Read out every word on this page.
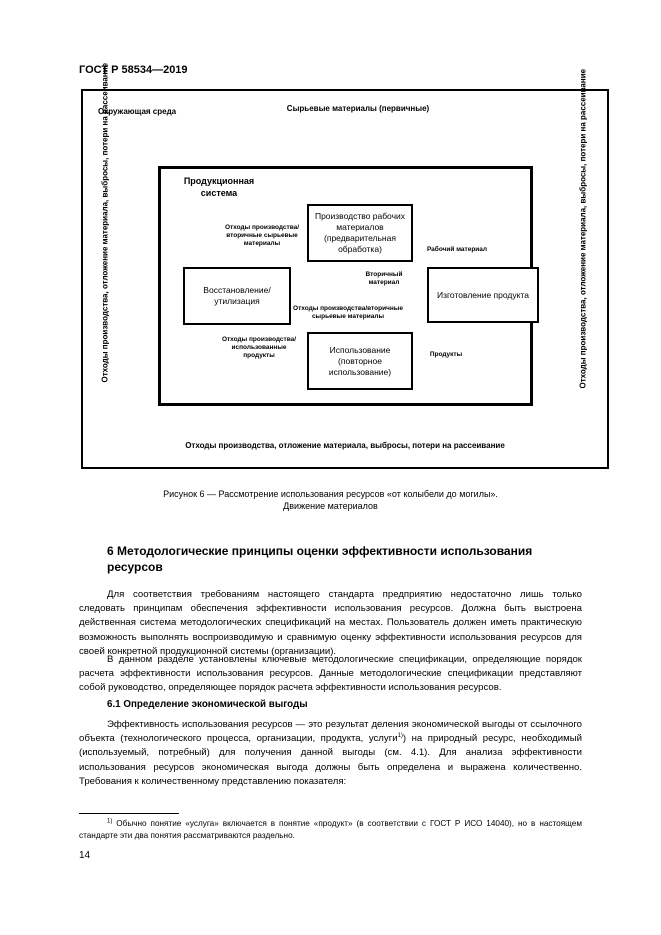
ГОСТ Р 58534—2019
Окружающая среда	Сырьевые материалы (первичные)
Отходы производства, отложение материала, выбросы, потери на рассеивание	Отходы производства, отложение материала, выбросы, потери на рассеивание
Отходы производства, отложение материала, выбросы, потери на рассеивание
Продукционная система
Производство рабочих материалов (предварительная обработка)
Восстановление/ утилизация
Изготовление продукта
Использование (повторное использование)
Отходы производства/ вторичные сырьевые материалы
Рабочий материал
Вторичный материал
Отходы производства/вторичные сырьевые материалы
Отходы производства/ использованные продукты	Продукты
Рисунок 6 — Рассмотрение использования ресурсов «от колыбели до могилы».
Движение материалов
6 Методологические принципы оценки эффективности использования ресурсов

Для соответствия требованиям настоящего стандарта предприятию недостаточно лишь только следовать принципам обеспечения эффективности использования ресурсов. Должна быть выстроена действенная система методологических спецификаций на местах. Пользователь должен иметь практическую возможность выполнять воспроизводимую и сравнимую оценку эффективности использования ресурсов для своей конкретной продукционной системы (организации).

В данном разделе установлены ключевые методологические спецификации, определяющие порядок расчета эффективности использования ресурсов. Данные методологические спецификации представляют собой руководство, определяющее порядок расчета эффективности использования ресурсов.

6.1 Определение экономической выгоды

Эффективность использования ресурсов — это результат деления экономической выгоды от ссылочного объекта (технологического процесса, организации, продукта, услуги$^{1)}$) на природный ресурс, необходимый (используемый, потребный) для получения данной выгоды (см. 4.1). Для анализа эффективности использования ресурсов экономическая выгода должны быть определена и выражена количественно. Требования к количественному представлению показателя:

$^{1)}$ Обычно понятие «услуга» включается в понятие «продукт» (в соответствии с ГОСТ Р ИСО 14040), но в настоящем стандарте эти два понятия рассматриваются раздельно.

14
